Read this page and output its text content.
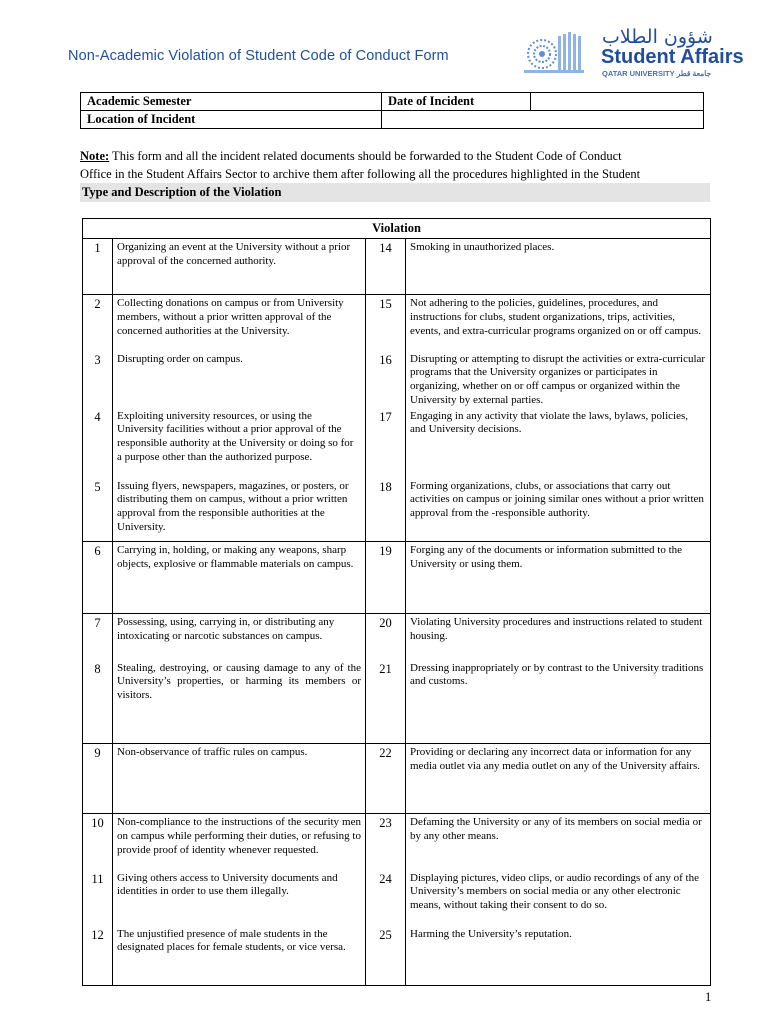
Non-Academic Violation of Student Code of Conduct Form
شؤون الطلاب
Student Affairs
QATAR UNIVERSITY جامعة قطر
Academic Semester	Date of Incident	
Location of Incident		
Note: This form and all the incident related documents should be forwarded to the Student Code of Conduct
Office in the Student Affairs Sector to archive them after following all the procedures highlighted in the Student
Type and Description of the Violation
Violation			
1	Organizing an event at the University without a prior approval of the concerned authority.	14	Smoking in unauthorized places.
2	Collecting donations on campus or from University members, without a prior written approval of the concerned authorities at the University.	15	Not adhering to the policies, guidelines, procedures, and instructions for clubs, student organizations, trips, activities, events, and extra-curricular programs organized on or off campus.
3	Disrupting order on campus.	16	Disrupting or attempting to disrupt the activities or extra-curricular programs that the University organizes or participates in organizing, whether on or off campus or organized within the University by external parties.
4	Exploiting university resources, or using the University facilities without a prior approval of the responsible authority at the University or doing so for a purpose other than the authorized purpose.	17	Engaging in any activity that violate the laws, bylaws, policies, and University decisions.
5	Issuing flyers, newspapers, magazines, or posters, or distributing them on campus, without a prior written approval from the responsible authorities at the University.	18	Forming organizations, clubs, or associations that carry out activities on campus or joining similar ones without a prior written approval from the -responsible authority.
6	Carrying in, holding, or making any weapons, sharp objects, explosive or flammable materials on campus.	19	Forging any of the documents or information submitted to the University or using them.
7	Possessing, using, carrying in, or distributing any intoxicating or narcotic substances on campus.	20	Violating University procedures and instructions related to student housing.
8	Stealing, destroying, or causing damage to any of the University’s properties, or harming its members or visitors.	21	Dressing inappropriately or by contrast to the University traditions and customs.
9	Non-observance of traffic rules on campus.	22	Providing or declaring any incorrect data or information for any media outlet via any media outlet on any of the University affairs.
10	Non-compliance to the instructions of the security men on campus while performing their duties, or refusing to provide proof of identity whenever requested.	23	Defaming the University or any of its members on social media or by any other means.
11	Giving others access to University documents and identities in order to use them illegally.	24	Displaying pictures, video clips, or audio recordings of any of the University’s members on social media or any other electronic means, without taking their consent to do so.
12	The unjustified presence of male students in the designated places for female students, or vice versa.	25	Harming the University’s reputation.
1
